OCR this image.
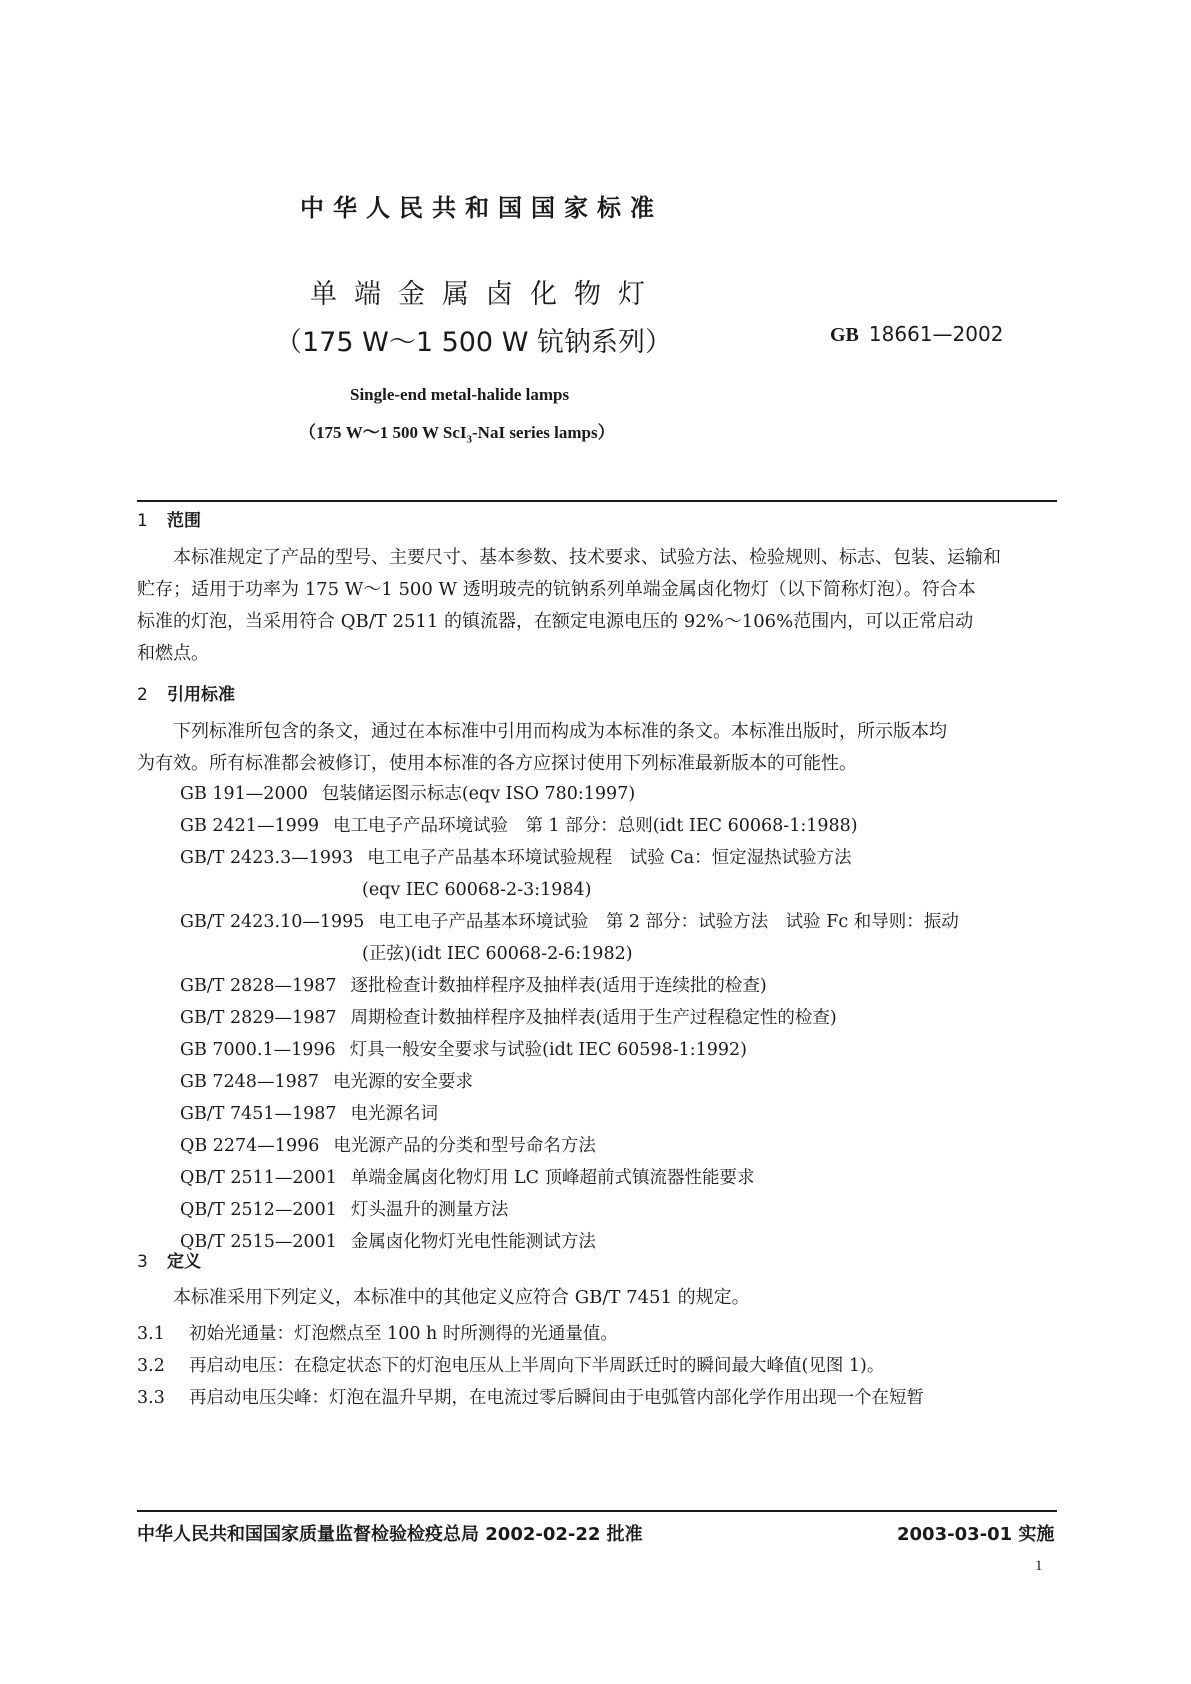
中华人民共和国国家标准
单端金属卤化物灯
（175 W～1 500 W 钪钠系列）	GB 18661—2002
Single-end metal-halide lamps
（175 W～1 500 W ScI$_3$-NaI series lamps）
1 范围
本标准规定了产品的型号、主要尺寸、基本参数、技术要求、试验方法、检验规则、标志、包装、运输和
贮存；适用于功率为 175 W～1 500 W 透明玻壳的钪钠系列单端金属卤化物灯（以下简称灯泡）。符合本
标准的灯泡，当采用符合 QB/T 2511 的镇流器，在额定电源电压的 92%～106%范围内，可以正常启动
和燃点。
2 引用标准
下列标准所包含的条文，通过在本标准中引用而构成为本标准的条文。本标准出版时，所示版本均
为有效。所有标准都会被修订，使用本标准的各方应探讨使用下列标准最新版本的可能性。
GB 191—2000 包装储运图示标志(eqv ISO 780:1997)
GB 2421—1999 电工电子产品环境试验　第 1 部分：总则(idt IEC 60068-1:1988)
GB/T 2423.3—1993 电工电子产品基本环境试验规程　试验 Ca：恒定湿热试验方法
(eqv IEC 60068-2-3:1984)
GB/T 2423.10—1995 电工电子产品基本环境试验　第 2 部分：试验方法　试验 Fc 和导则：振动
(正弦)(idt IEC 60068-2-6:1982)
GB/T 2828—1987 逐批检查计数抽样程序及抽样表(适用于连续批的检查)
GB/T 2829—1987 周期检查计数抽样程序及抽样表(适用于生产过程稳定性的检查)
GB 7000.1—1996 灯具一般安全要求与试验(idt IEC 60598-1:1992)
GB 7248—1987 电光源的安全要求
GB/T 7451—1987 电光源名词
QB 2274—1996 电光源产品的分类和型号命名方法
QB/T 2511—2001 单端金属卤化物灯用 LC 顶峰超前式镇流器性能要求
QB/T 2512—2001 灯头温升的测量方法
QB/T 2515—2001 金属卤化物灯光电性能测试方法
3 定义
本标准采用下列定义，本标准中的其他定义应符合 GB/T 7451 的规定。
3.1 初始光通量：灯泡燃点至 100 h 时所测得的光通量值。
3.2 再启动电压：在稳定状态下的灯泡电压从上半周向下半周跃迁时的瞬间最大峰值(见图 1)。
3.3 再启动电压尖峰：灯泡在温升早期，在电流过零后瞬间由于电弧管内部化学作用出现一个在短暂
中华人民共和国国家质量监督检验检疫总局 2002-02-22 批准	2003-03-01 实施
1
